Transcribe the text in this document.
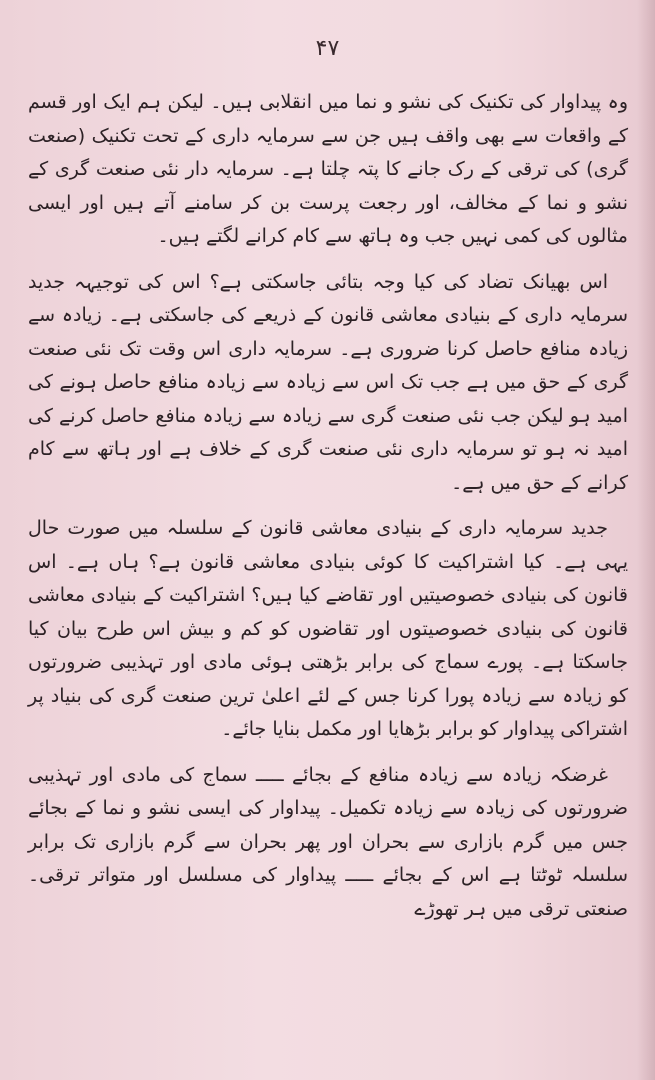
۴۷

وہ پیداوار کی تکنیک کی نشو و نما میں انقلابی ہیں۔ لیکن ہم ایک اور قسم کے واقعات سے بھی واقف ہیں جن سے سرمایہ داری کے تحت تکنیک (صنعت گری) کی ترقی کے رک جانے کا پتہ چلتا ہے۔ سرمایہ دار نئی صنعت گری کے نشو و نما کے مخالف، اور رجعت پرست بن کر سامنے آتے ہیں اور ایسی مثالوں کی کمی نہیں جب وہ ہاتھ سے کام کرانے لگتے ہیں۔

اس بھیانک تضاد کی کیا وجہ بتائی جاسکتی ہے؟ اس کی توجیہہ جدید سرمایہ داری کے بنیادی معاشی قانون کے ذریعے کی جاسکتی ہے۔ زیادہ سے زیادہ منافع حاصل کرنا ضروری ہے۔ سرمایہ داری اس وقت تک نئی صنعت گری کے حق میں ہے جب تک اس سے زیادہ سے زیادہ منافع حاصل ہونے کی امید ہو لیکن جب نئی صنعت گری سے زیادہ سے زیادہ منافع حاصل کرنے کی امید نہ ہو تو سرمایہ داری نئی صنعت گری کے خلاف ہے اور ہاتھ سے کام کرانے کے حق میں ہے۔

جدید سرمایہ داری کے بنیادی معاشی قانون کے سلسلہ میں صورت حال یہی ہے۔ کیا اشتراکیت کا کوئی بنیادی معاشی قانون ہے؟ ہاں ہے۔ اس قانون کی بنیادی خصوصیتیں اور تقاضے کیا ہیں؟ اشتراکیت کے بنیادی معاشی قانون کی بنیادی خصوصیتوں اور تقاضوں کو کم و بیش اس طرح بیان کیا جاسکتا ہے۔ پورے سماج کی برابر بڑھتی ہوئی مادی اور تہذیبی ضرورتوں کو زیادہ سے زیادہ پورا کرنا جس کے لئے اعلیٰ ترین صنعت گری کی بنیاد پر اشتراکی پیداوار کو برابر بڑھایا اور مکمل بنایا جائے۔

غرضکہ زیادہ سے زیادہ منافع کے بجائے ـــــ سماج کی مادی اور تہذیبی ضرورتوں کی زیادہ سے زیادہ تکمیل۔ پیداوار کی ایسی نشو و نما کے بجائے جس میں گرم بازاری سے بحران اور پھر بحران سے گرم بازاری تک برابر سلسلہ ٹوٹتا ہے اس کے بجائے ـــــ پیداوار کی مسلسل اور متواتر ترقی۔ صنعتی ترقی میں ہر تھوڑے
